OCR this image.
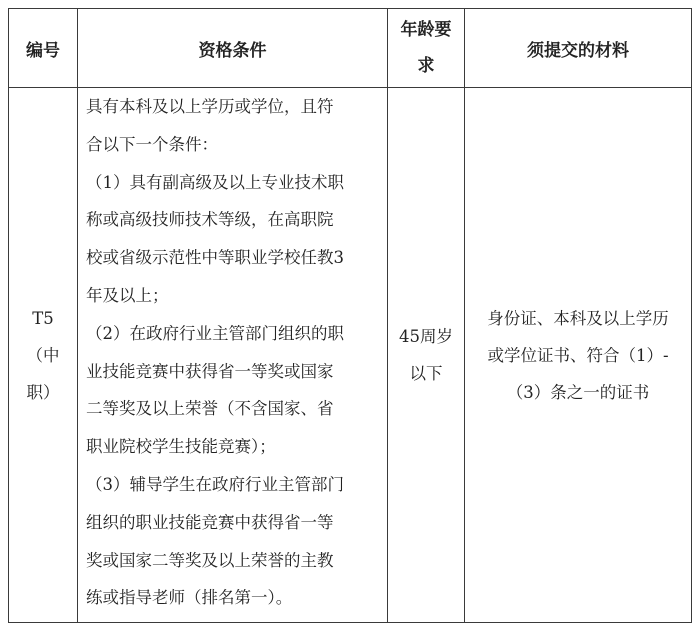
编号	资格条件
年龄要
求
须提交的材料
T5
（中
职）

具有本科及以上学历或学位，且符

合以下一个条件：

（1）具有副高级及以上专业技术职

称或高级技师技术等级，在高职院

校或省级示范性中等职业学校任教3

年及以上；

（2）在政府行业主管部门组织的职

业技能竞赛中获得省一等奖或国家

二等奖及以上荣誉（不含国家、省

职业院校学生技能竞赛）；

（3）辅导学生在政府行业主管部门

组织的职业技能竞赛中获得省一等

奖或国家二等奖及以上荣誉的主教

练或指导老师（排名第一）。

45周岁
以下
身份证、本科及以上学历
或学位证书、符合（1）-
（3）条之一的证书
